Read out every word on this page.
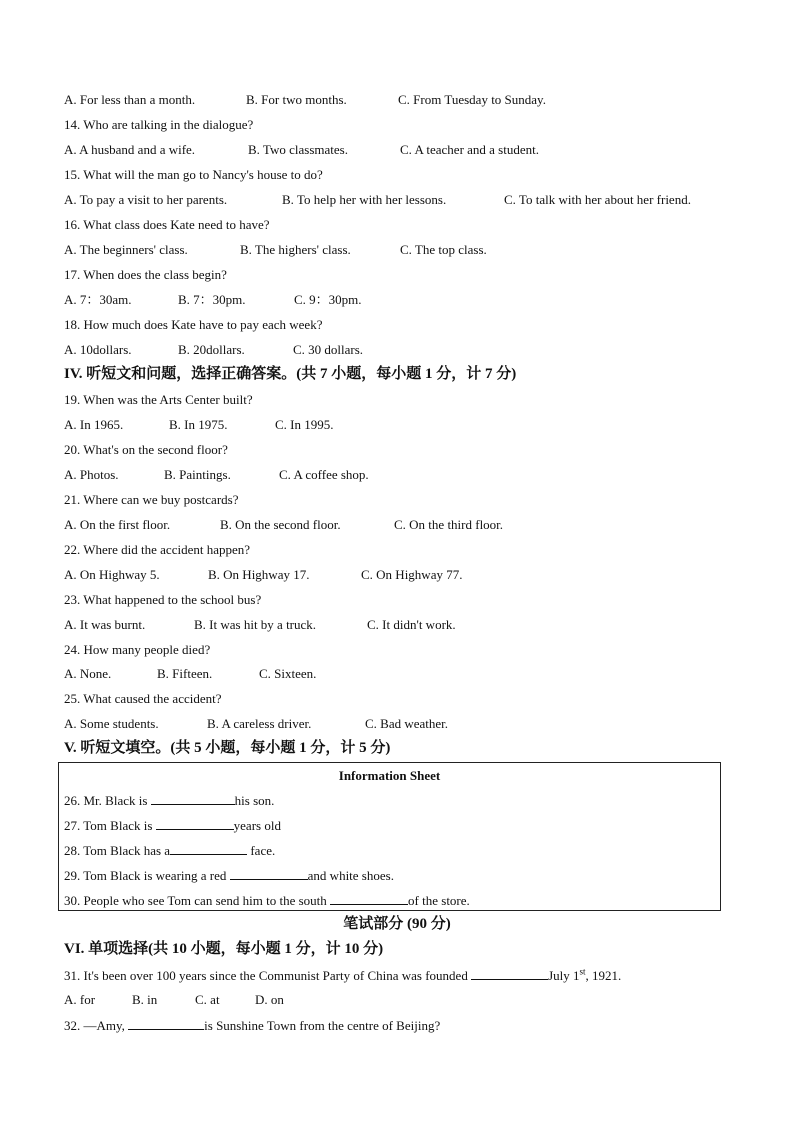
A. For less than a month.	B. For two months.	C. From Tuesday to Sunday.
14. Who are talking in the dialogue?
A. A husband and a wife.	B. Two classmates.	C. A teacher and a student.
15. What will the man go to Nancy's house to do?
A. To pay a visit to her parents.	B. To help her with her lessons.	C. To talk with her about her friend.
16. What class does Kate need to have?
A. The beginners' class.	B. The highers' class.	C. The top class.
17. When does the class begin?
A. 7：30am.	B. 7：30pm.	C. 9：30pm.
18. How much does Kate have to pay each week?
A. 10dollars.	B. 20dollars.	C. 30 dollars.
IV. 听短文和问题，选择正确答案。(共 7 小题，每小题 1 分，计 7 分)
19. When was the Arts Center built?
A. In 1965.	B. In 1975.	C. In 1995.
20. What's on the second floor?
A. Photos.	B. Paintings.	C. A coffee shop.
21. Where can we buy postcards?
A. On the first floor.	B. On the second floor.	C. On the third floor.
22. Where did the accident happen?
A. On Highway 5.	B. On Highway 17.	C. On Highway 77.
23. What happened to the school bus?
A. It was burnt.	B. It was hit by a truck.	C. It didn't work.
24. How many people died?
A. None.	B. Fifteen.	C. Sixteen.
25. What caused the accident?
A. Some students.	B. A careless driver.	C. Bad weather.
V. 听短文填空。(共 5 小题，每小题 1 分，计 5 分)
Information Sheet
26. Mr. Black is	his son.
27. Tom Black is	years old
28. Tom Black has a	face.
29. Tom Black is wearing a red	and white shoes.
30. People who see Tom can send him to the south	of the store.
笔试部分 (90 分)
VI. 单项选择(共 10 小题，每小题 1 分，计 10 分)
31. It's been over 100 years since the Communist Party of China was founded	July 1st, 1921.
A. for	B. in	C. at	D. on
32. —Amy,	is Sunshine Town from the centre of Beijing?
